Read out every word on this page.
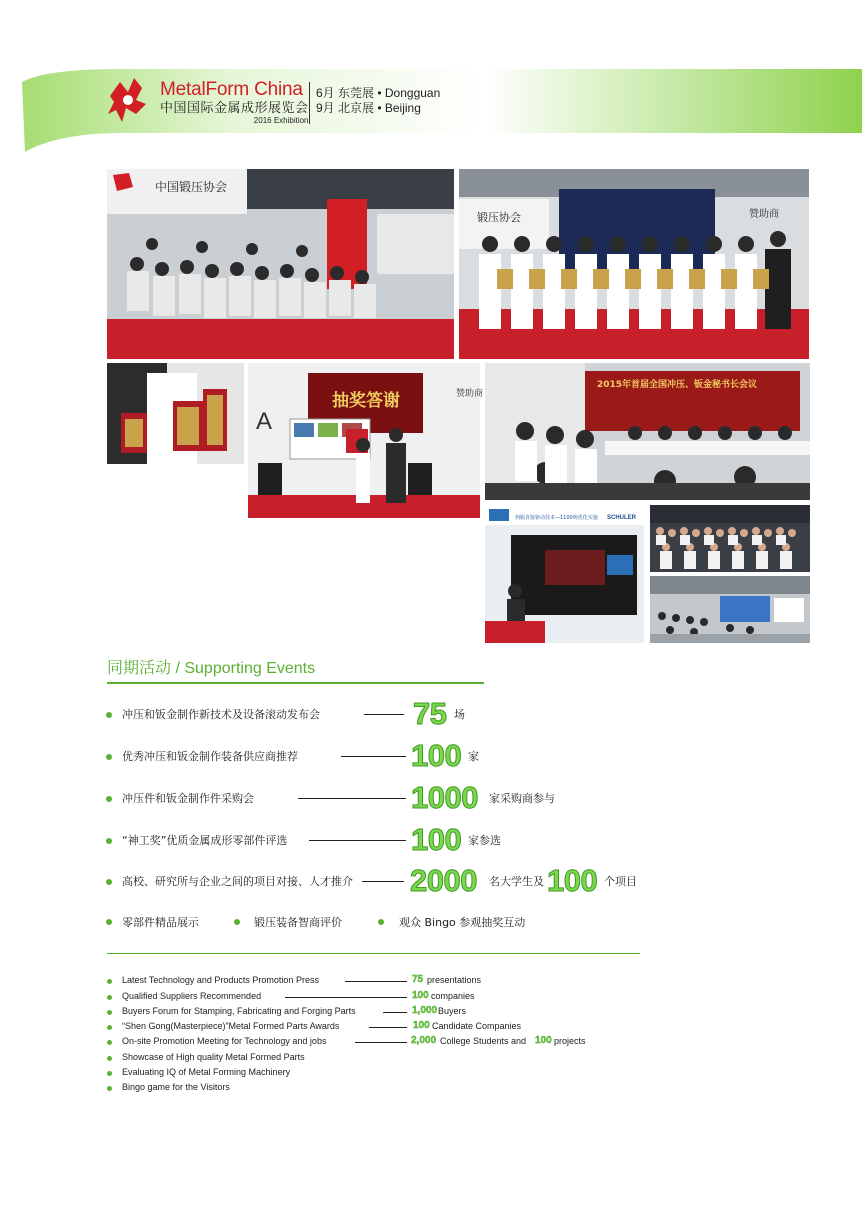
MetalForm China
中国国际金属成形展览会
2016 Exhibition
6月 东莞展 • Dongguan
9月 北京展 • Beijing
中国锻压协会
锻压协会	赞助商
抽奖答谢
A
赞助商
2015年首届全国冲压、钣金秘书长会议
SCHULER
伺服直接驱动技术—1100吨优化实施
同期活动 / Supporting Events
冲压和钣金制作新技术及设备滚动发布会	75 场
优秀冲压和钣金制作装备供应商推荐	100 家
冲压件和钣金制作件采购会	1000 家采购商参与
“神工奖”优质金属成形零部件评选	100 家参选
高校、研究所与企业之间的项目对接、人才推介 2000 名大学生及 100 个项目
零部件精品展示	锻压装备智商评价	观众 Bingo 参观抽奖互动
Latest Technology and Products Promotion Press	75 presentations
Qualified Suppliers Recommended	100 companies
Buyers Forum for Stamping, Fabricating and Forging Parts	1,000 Buyers
“Shen Gong(Masterpiece)”Metal Formed Parts Awards	100 Candidate Companies
On-site Promotion Meeting for Technology and jobs	2,000 College Students and 100 projects
Showcase of High quality Metal Formed Parts
Evaluating IQ of Metal Forming Machinery
Bingo game for the Visitors
